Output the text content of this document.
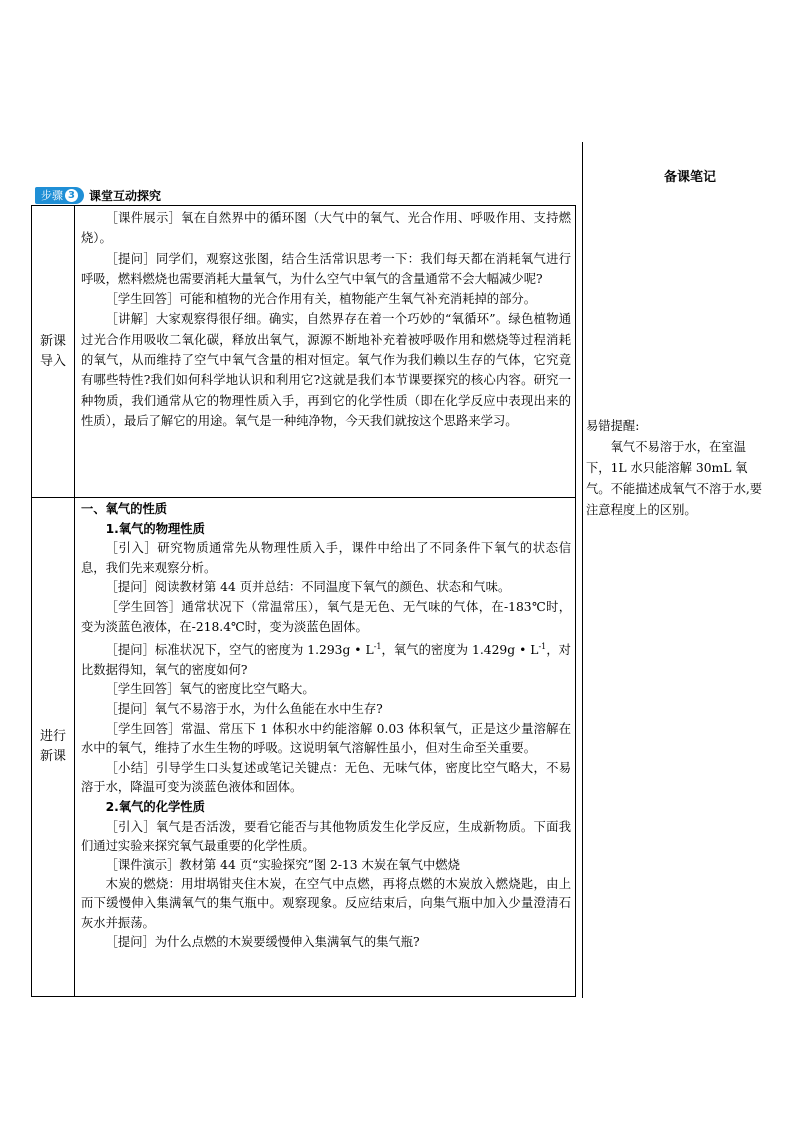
备课笔记
步骤 3 课堂互动探究
新课
导入

［课件展示］氧在自然界中的循环图（大气中的氧气、光合作用、呼吸作用、支持燃烧）。

［提问］同学们，观察这张图，结合生活常识思考一下：我们每天都在消耗氧气进行呼吸，燃料燃烧也需要消耗大量氧气，为什么空气中氧气的含量通常不会大幅减少呢?

［学生回答］可能和植物的光合作用有关，植物能产生氧气补充消耗掉的部分。

［讲解］大家观察得很仔细。确实，自然界存在着一个巧妙的“氧循环”。绿色植物通过光合作用吸收二氧化碳，释放出氧气，源源不断地补充着被呼吸作用和燃烧等过程消耗的氧气，从而维持了空气中氧气含量的相对恒定。氧气作为我们赖以生存的气体，它究竟有哪些特性?我们如何科学地认识和利用它?这就是我们本节课要探究的核心内容。研究一种物质，我们通常从它的物理性质入手，再到它的化学性质（即在化学反应中表现出来的性质），最后了解它的用途。氧气是一种纯净物，今天我们就按这个思路来学习。

进行
新课

一、氧气的性质

1.氧气的物理性质

［引入］研究物质通常先从物理性质入手，课件中给出了不同条件下氧气的状态信息，我们先来观察分析。

［提问］阅读教材第 44 页并总结：不同温度下氧气的颜色、状态和气味。

［学生回答］通常状况下（常温常压），氧气是无色、无气味的气体，在-183℃时，变为淡蓝色液体，在-218.4℃时，变为淡蓝色固体。

［提问］标准状况下，空气的密度为 1.293g • $L^{-1}$，氧气的密度为 1.429g • $L^{-1}$，对比数据得知，氧气的密度如何?

［学生回答］氧气的密度比空气略大。

［提问］氧气不易溶于水，为什么鱼能在水中生存?

［学生回答］常温、常压下 1 体积水中约能溶解 0.03 体积氧气，正是这少量溶解在水中的氧气，维持了水生生物的呼吸。这说明氧气溶解性虽小，但对生命至关重要。

［小结］引导学生口头复述或笔记关键点：无色、无味气体，密度比空气略大，不易溶于水，降温可变为淡蓝色液体和固体。

2.氧气的化学性质

［引入］氧气是否活泼，要看它能否与其他物质发生化学反应，生成新物质。下面我们通过实验来探究氧气最重要的化学性质。

［课件演示］教材第 44 页“实验探究”图 2-13 木炭在氧气中燃烧

木炭的燃烧：用坩埚钳夹住木炭，在空气中点燃，再将点燃的木炭放入燃烧匙，由上而下缓慢伸入集满氧气的集气瓶中。观察现象。反应结束后，向集气瓶中加入少量澄清石灰水并振荡。

［提问］为什么点燃的木炭要缓慢伸入集满氧气的集气瓶?

易错提醒:

氧气不易溶于水，在室温下，1L 水只能溶解 30mL 氧气。不能描述成氧气不溶于水,要注意程度上的区别。
